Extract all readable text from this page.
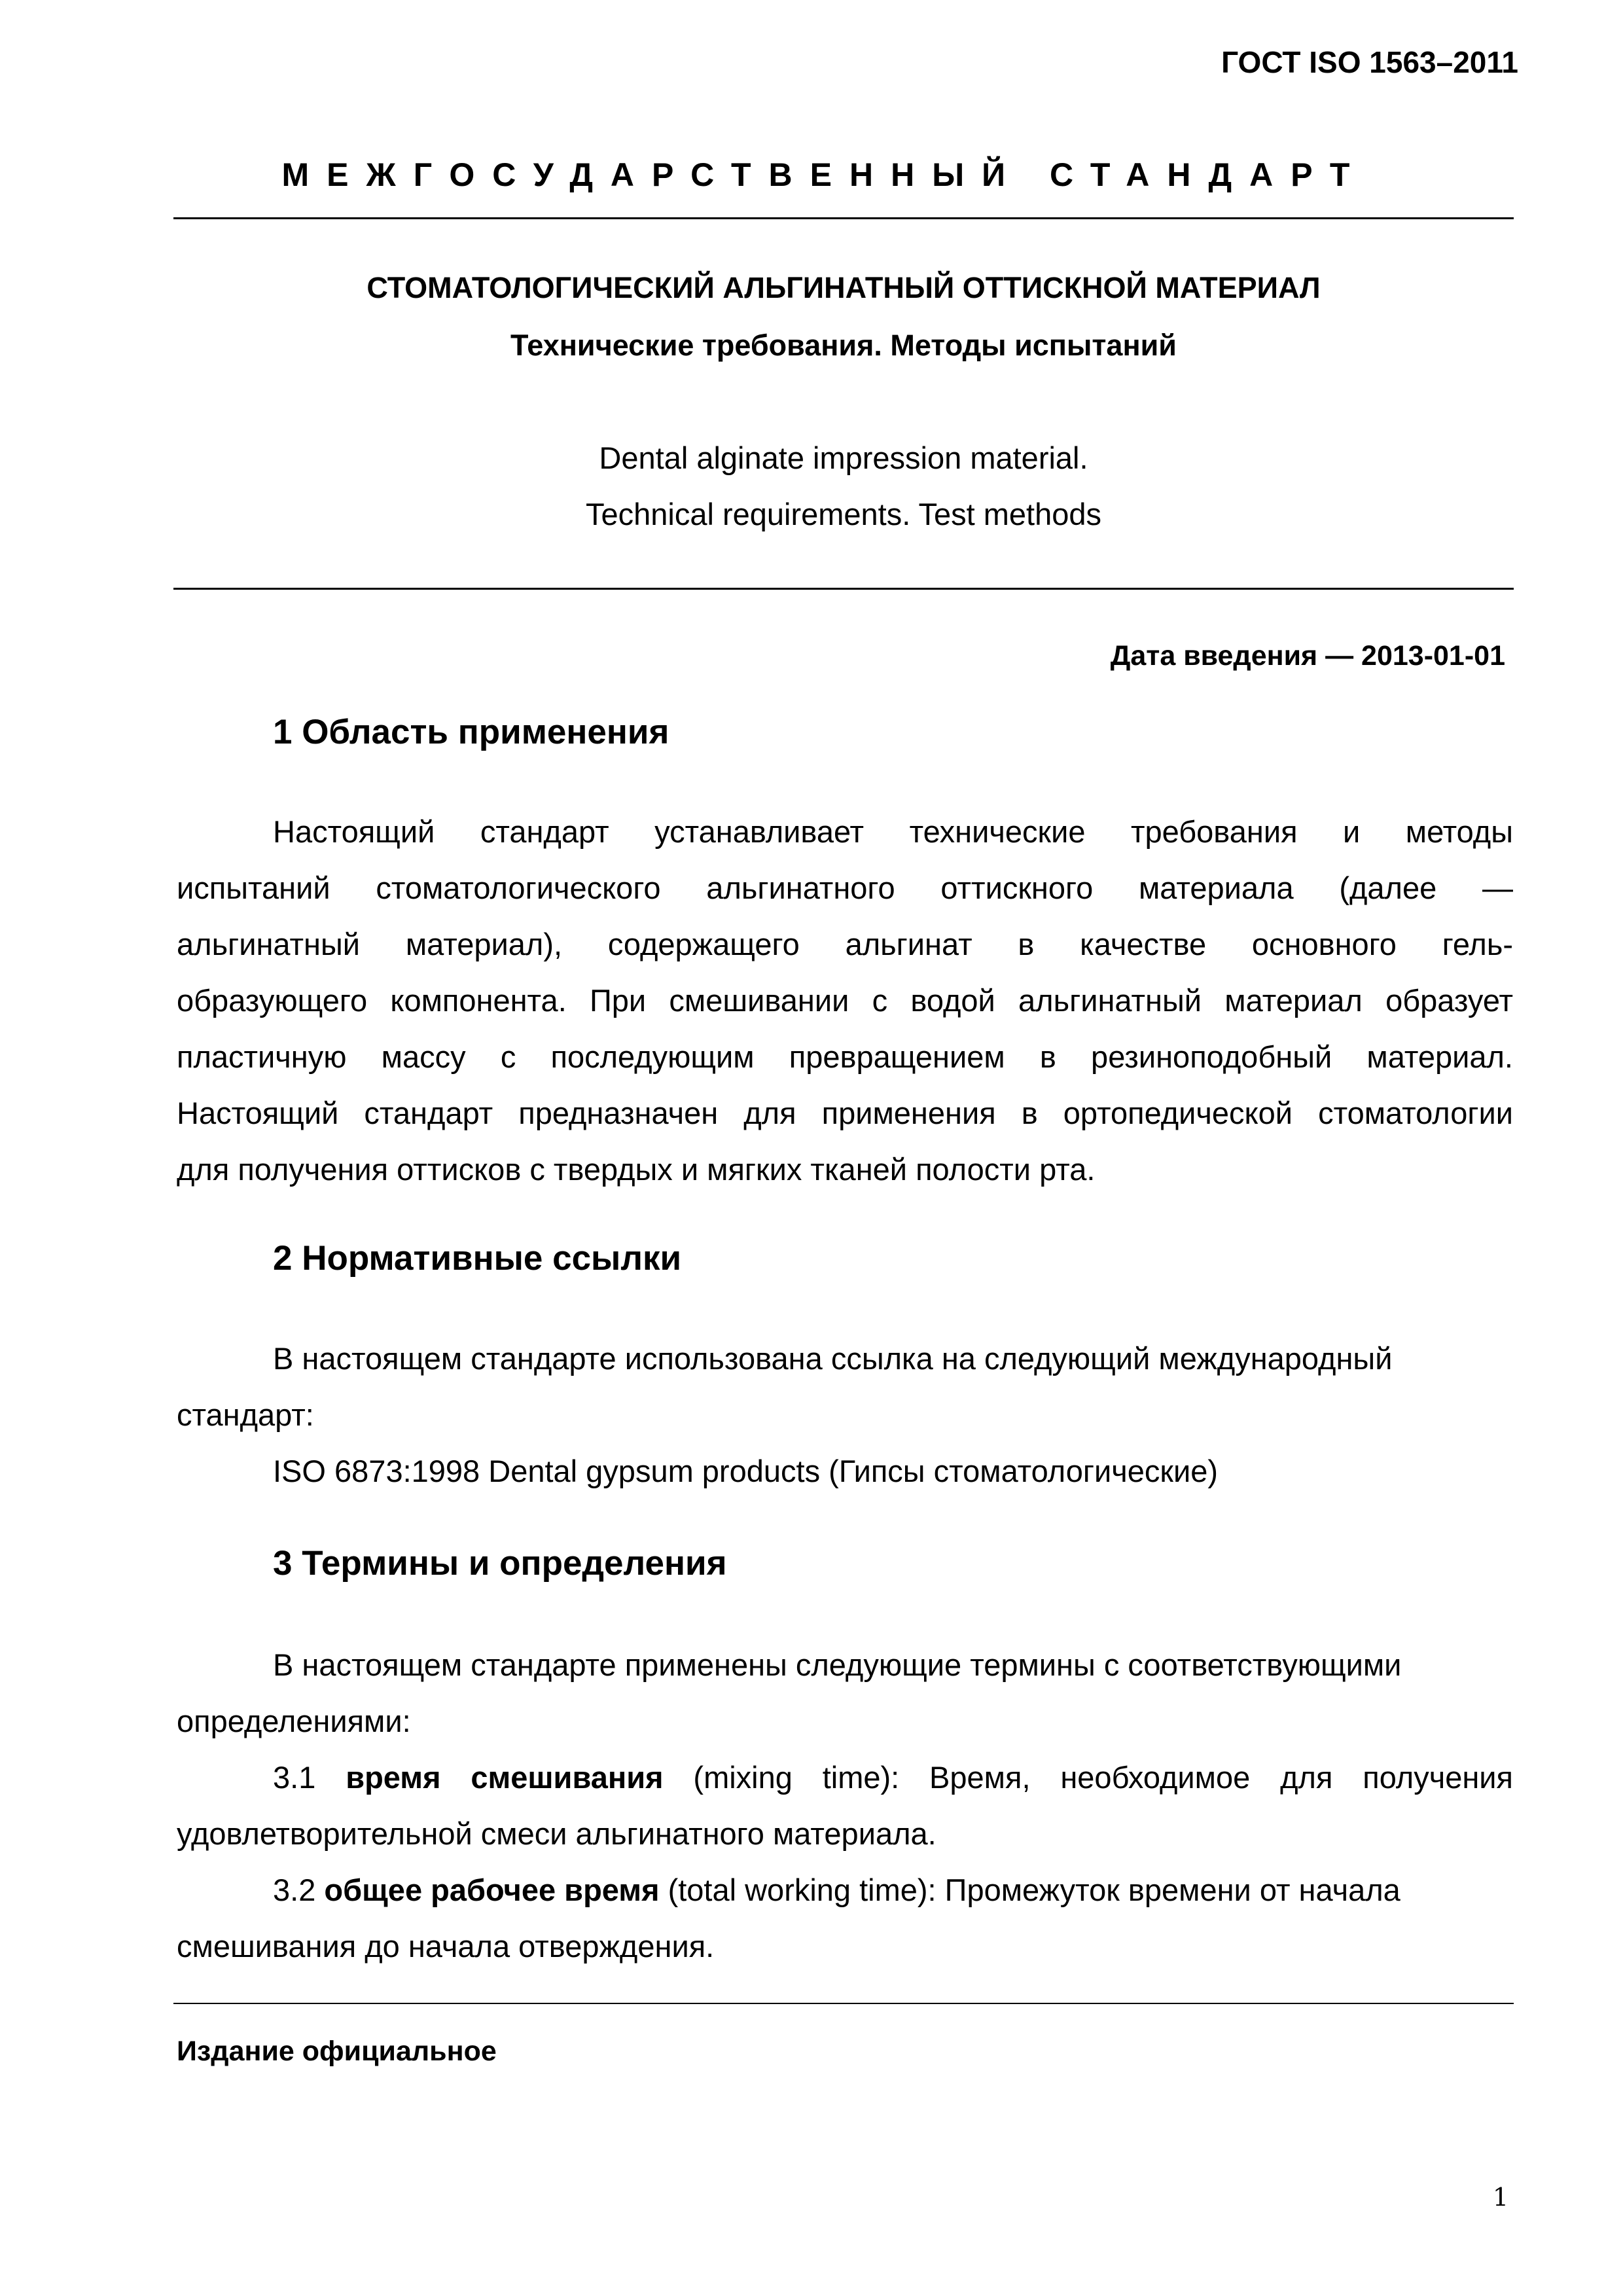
ГОСТ ISO 1563–2011
МЕЖГОСУДАРСТВЕННЫЙ СТАНДАРТ
СТОМАТОЛОГИЧЕСКИЙ АЛЬГИНАТНЫЙ ОТТИСКНОЙ МАТЕРИАЛ
Технические требования. Методы испытаний
Dental alginate impression material.
Technical requirements. Test methods
Дата введения — 2013-01-01
1 Область применения
Настоящий стандарт устанавливает технические требования и методы
испытаний стоматологического альгинатного оттискного материала (далее —
альгинатный материал), содержащего альгинат в качестве основного гель-
образующего компонента. При смешивании с водой альгинатный материал образует
пластичную массу с последующим превращением в резиноподобный материал.
Настоящий стандарт предназначен для применения в ортопедической стоматологии
для получения оттисков с твердых и мягких тканей полости рта.
2 Нормативные ссылки
В настоящем стандарте использована ссылка на следующий международный
стандарт:
ISO 6873:1998 Dental gypsum products (Гипсы стоматологические)
3 Термины и определения
В настоящем стандарте применены следующие термины с соответствующими
определениями:
3.1 время смешивания (mixing time): Время, необходимое для получения
удовлетворительной смеси альгинатного материала.
3.2 общее рабочее время (total working time): Промежуток времени от начала
смешивания до начала отверждения.
Издание официальное
1
